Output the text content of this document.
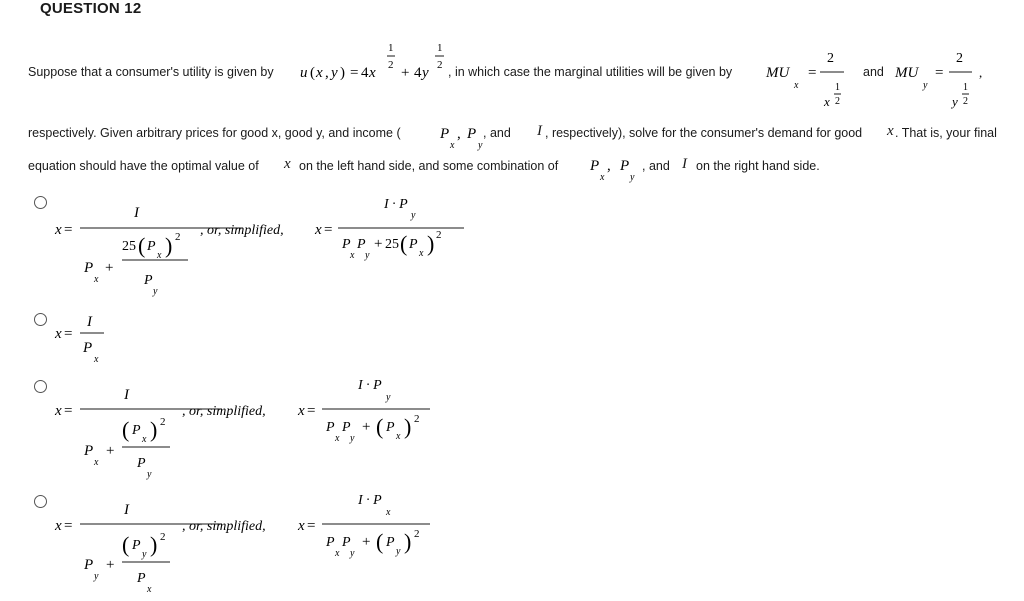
QUESTION 12
Suppose that a consumer's utility is given by u ( x , y ) = 4 x
1
2 + 4 y
1
2 , in which case the marginal utilities will be given by MU
x
=
2
x
1
2
and MU
y
=
2
y
1
2
,
respectively. Given arbitrary prices for good x, good y, and income (	P
x
, P
y
, and I , respectively), solve for the consumer's demand for good x . That is, your final
equation should have the optimal value of x on the left hand side, and some combination of P
x
, P
y
, and I on the right hand side.
x =
I
P
x
+
25 ( P
x ) 2
P
y
, or, simplified, x =
I · P
y
P P
x y
+ 25 ( P
x ) 2
x =
I
P
x
x =
I
P
x
+
( P
x ) 2
P
y
, or, simplified, x =
I · P
y
P P
x y
+ ( P
x ) 2
x =
I
P
y
+
( P
y ) 2
P
x
, or, simplified, x =
I · P
x
P P
x y
+ ( P
y ) 2
